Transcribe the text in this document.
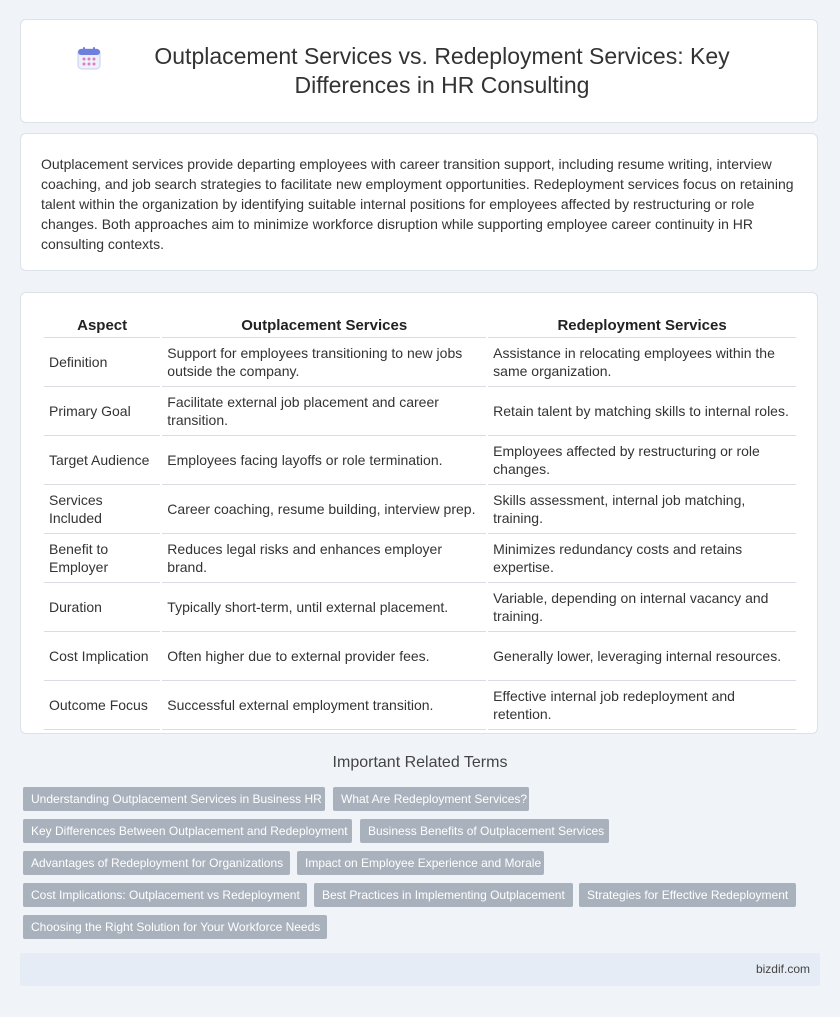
Outplacement Services vs. Redeployment Services: Key Differences in HR Consulting

Outplacement services provide departing employees with career transition support, including resume writing, interview coaching, and job search strategies to facilitate new employment opportunities. Redeployment services focus on retaining talent within the organization by identifying suitable internal positions for employees affected by restructuring or role changes. Both approaches aim to minimize workforce disruption while supporting employee career continuity in HR consulting contexts.

Aspect	Outplacement Services	Redeployment Services
Definition	Support for employees transitioning to new jobs outside the company.	Assistance in relocating employees within the same organization.
Primary Goal	Facilitate external job placement and career transition.	Retain talent by matching skills to internal roles.
Target Audience	Employees facing layoffs or role termination.	Employees affected by restructuring or role changes.
Services Included	Career coaching, resume building, interview prep.	Skills assessment, internal job matching, training.
Benefit to Employer	Reduces legal risks and enhances employer brand.	Minimizes redundancy costs and retains expertise.
Duration	Typically short-term, until external placement.	Variable, depending on internal vacancy and training.
Cost Implication	Often higher due to external provider fees.	Generally lower, leveraging internal resources.
Outcome Focus	Successful external employment transition.	Effective internal job redeployment and retention.
Important Related Terms
Understanding Outplacement Services in Business HR	What Are Redeployment Services?
Key Differences Between Outplacement and Redeployment	Business Benefits of Outplacement Services
Advantages of Redeployment for Organizations	Impact on Employee Experience and Morale
Cost Implications: Outplacement vs Redeployment	Best Practices in Implementing Outplacement	Strategies for Effective Redeployment
Choosing the Right Solution for Your Workforce Needs
bizdif.com
